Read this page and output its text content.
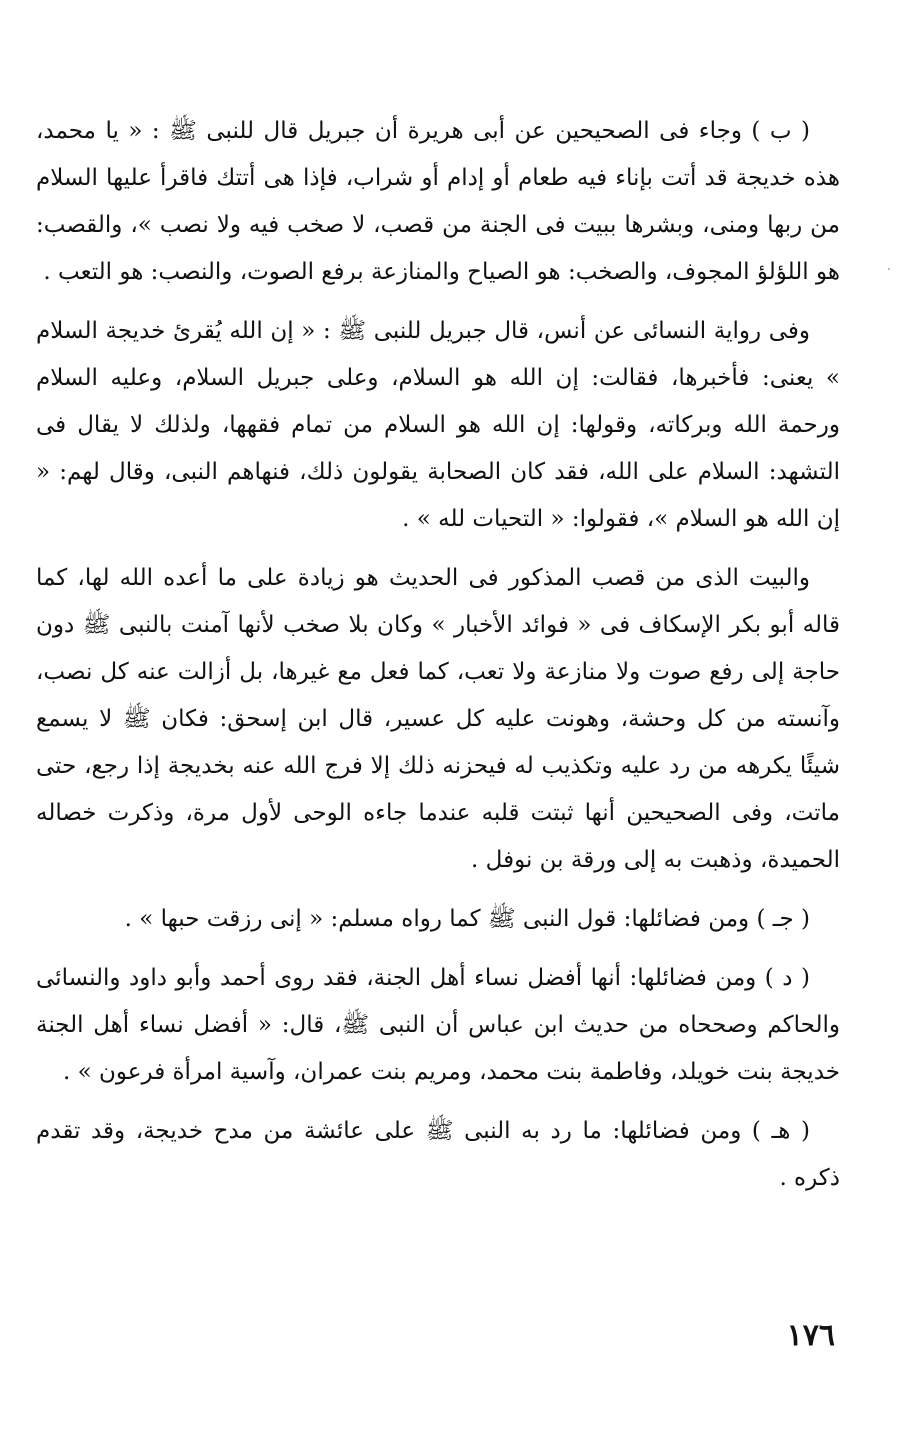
( ب ) وجاء فى الصحيحين عن أبى هريرة أن جبريل قال للنبى ﷺ : « يا محمد، هذه خديجة قد أتت بإناء فيه طعام أو إدام أو شراب، فإذا هى أتتك فاقرأ عليها السلام من ربها ومنى، وبشرها ببيت فى الجنة من قصب، لا صخب فيه ولا نصب »، والقصب: هو اللؤلؤ المجوف، والصخب: هو الصياح والمنازعة برفع الصوت، والنصب: هو التعب .

وفى رواية النسائى عن أنس، قال جبريل للنبى ﷺ : « إن الله يُقرئ خديجة السلام » يعنى: فأخبرها، فقالت: إن الله هو السلام، وعلى جبريل السلام، وعليه السلام ورحمة الله وبركاته، وقولها: إن الله هو السلام من تمام فقهها، ولذلك لا يقال فى التشهد: السلام على الله، فقد كان الصحابة يقولون ذلك، فنهاهم النبى، وقال لهم: « إن الله هو السلام »، فقولوا: « التحيات لله » .

والبيت الذى من قصب المذكور فى الحديث هو زيادة على ما أعده الله لها، كما قاله أبو بكر الإسكاف فى « فوائد الأخبار » وكان بلا صخب لأنها آمنت بالنبى ﷺ دون حاجة إلى رفع صوت ولا منازعة ولا تعب، كما فعل مع غيرها، بل أزالت عنه كل نصب، وآنسته من كل وحشة، وهونت عليه كل عسير، قال ابن إسحق: فكان ﷺ لا يسمع شيئًا يكرهه من رد عليه وتكذيب له فيحزنه ذلك إلا فرج الله عنه بخديجة إذا رجع، حتى ماتت، وفى الصحيحين أنها ثبتت قلبه عندما جاءه الوحى لأول مرة، وذكرت خصاله الحميدة، وذهبت به إلى ورقة بن نوفل .

( جـ ) ومن فضائلها: قول النبى ﷺ كما رواه مسلم: « إنى رزقت حبها » .

( د ) ومن فضائلها: أنها أفضل نساء أهل الجنة، فقد روى أحمد وأبو داود والنسائى والحاكم وصححاه من حديث ابن عباس أن النبى ﷺ، قال: « أفضل نساء أهل الجنة خديجة بنت خويلد، وفاطمة بنت محمد، ومريم بنت عمران، وآسية امرأة فرعون » .

( هـ ) ومن فضائلها: ما رد به النبى ﷺ على عائشة من مدح خديجة، وقد تقدم ذكره .

١٧٦
